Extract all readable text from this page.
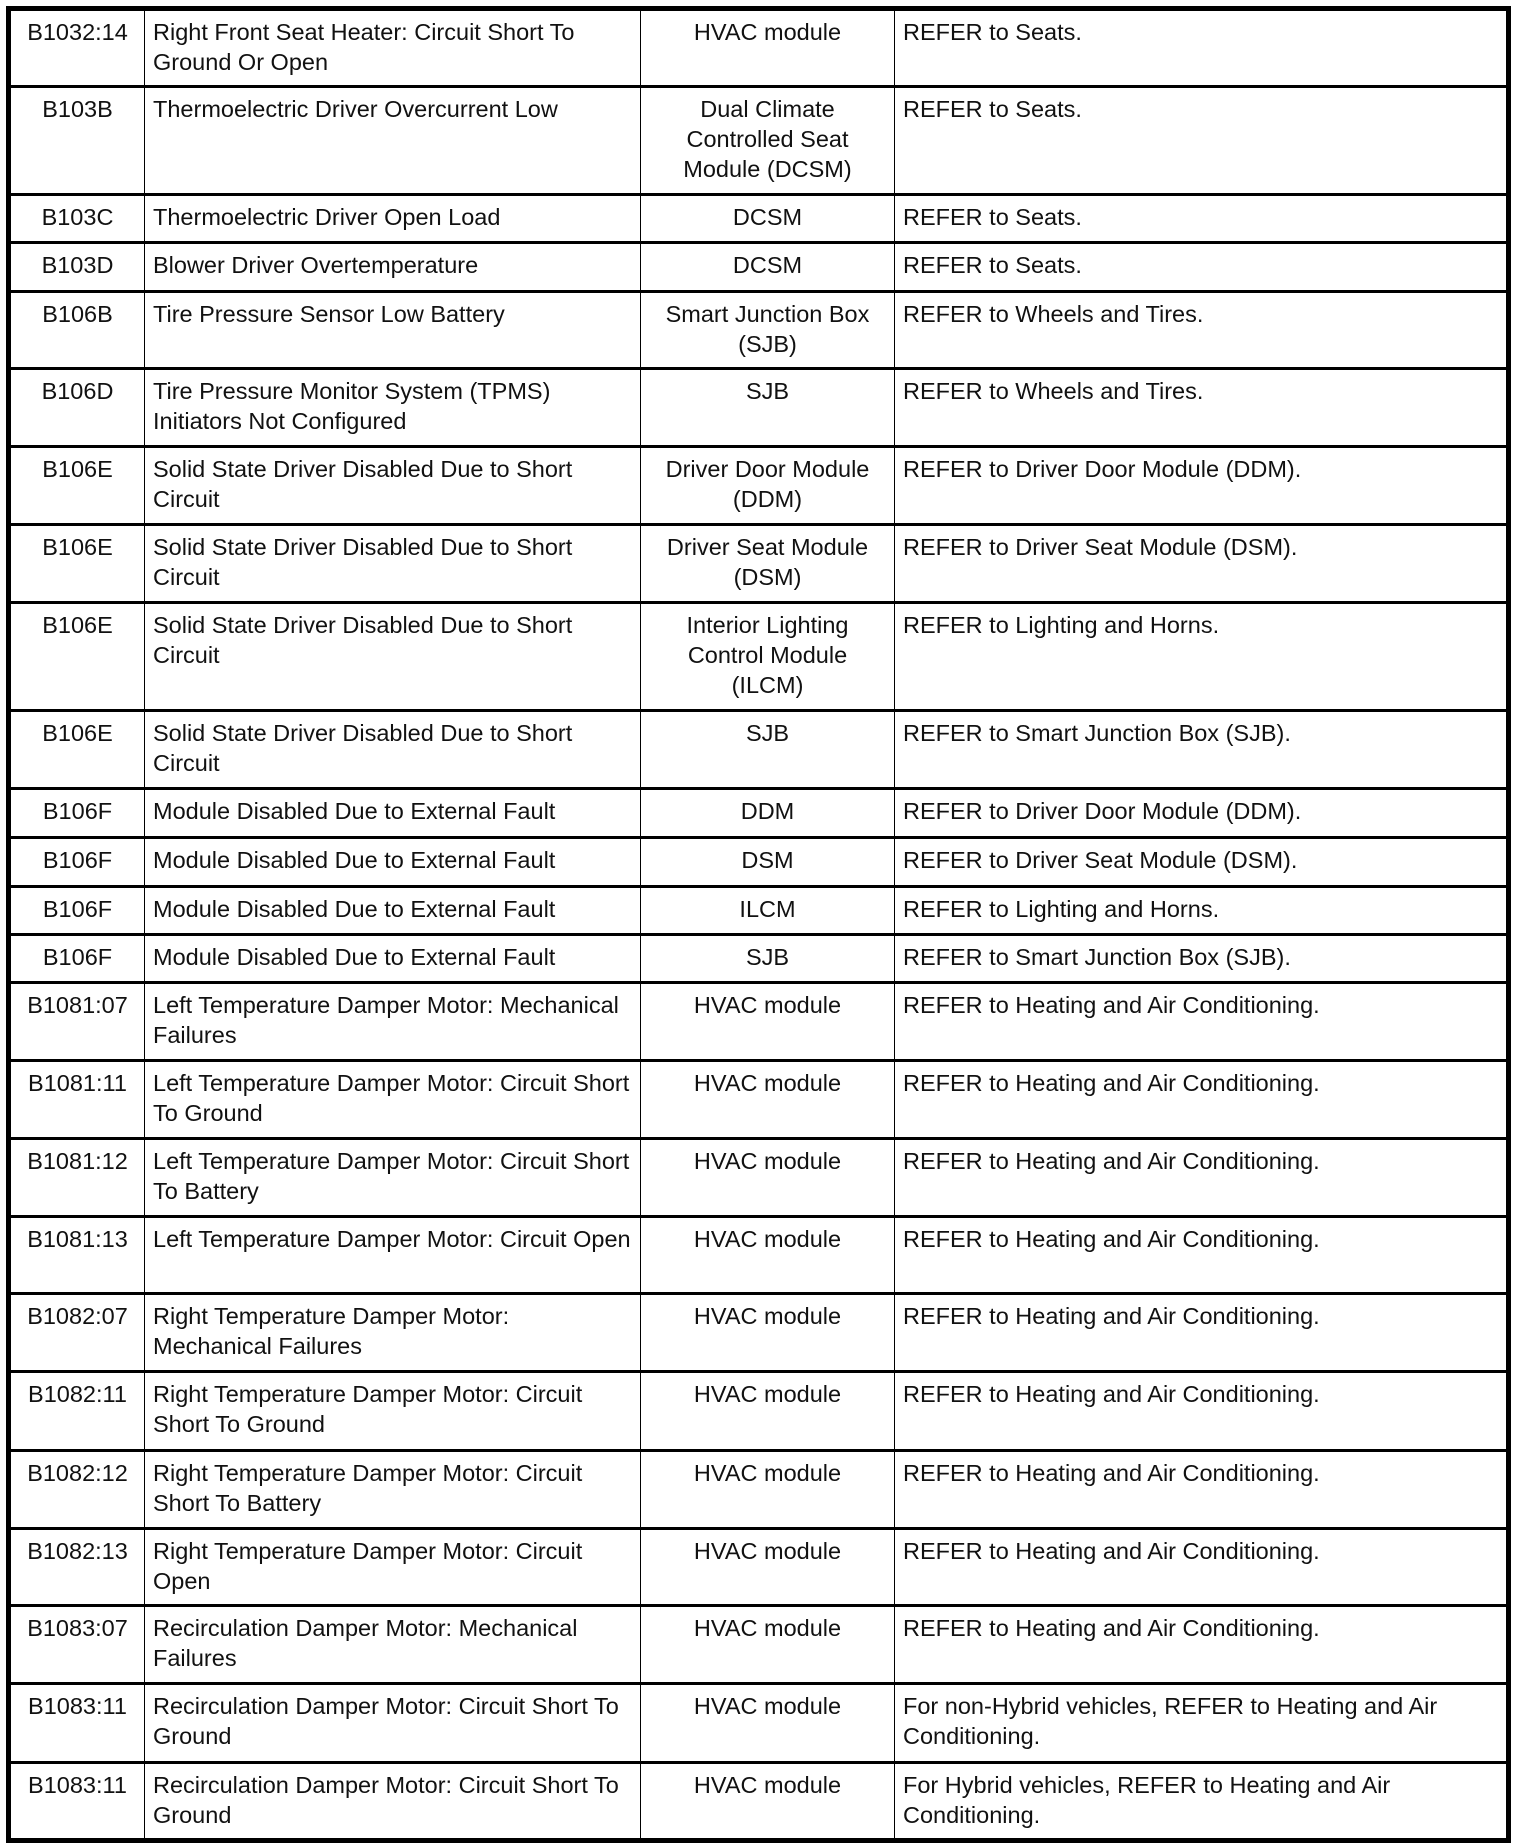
B1032:14	Right Front Seat Heater: Circuit Short To Ground Or Open	HVAC module	REFER to Seats.
B103B	Thermoelectric Driver Overcurrent Low	Dual Climate Controlled Seat Module (DCSM)	REFER to Seats.
B103C	Thermoelectric Driver Open Load	DCSM	REFER to Seats.
B103D	Blower Driver Overtemperature	DCSM	REFER to Seats.
B106B	Tire Pressure Sensor Low Battery	Smart Junction Box (SJB)	REFER to Wheels and Tires.
B106D	Tire Pressure Monitor System (TPMS) Initiators Not Configured	SJB	REFER to Wheels and Tires.
B106E	Solid State Driver Disabled Due to Short Circuit	Driver Door Module (DDM)	REFER to Driver Door Module (DDM).
B106E	Solid State Driver Disabled Due to Short Circuit	Driver Seat Module (DSM)	REFER to Driver Seat Module (DSM).
B106E	Solid State Driver Disabled Due to Short Circuit	Interior Lighting Control Module (ILCM)	REFER to Lighting and Horns.
B106E	Solid State Driver Disabled Due to Short Circuit	SJB	REFER to Smart Junction Box (SJB).
B106F	Module Disabled Due to External Fault	DDM	REFER to Driver Door Module (DDM).
B106F	Module Disabled Due to External Fault	DSM	REFER to Driver Seat Module (DSM).
B106F	Module Disabled Due to External Fault	ILCM	REFER to Lighting and Horns.
B106F	Module Disabled Due to External Fault	SJB	REFER to Smart Junction Box (SJB).
B1081:07	Left Temperature Damper Motor: Mechanical Failures	HVAC module	REFER to Heating and Air Conditioning.
B1081:11	Left Temperature Damper Motor: Circuit Short To Ground	HVAC module	REFER to Heating and Air Conditioning.
B1081:12	Left Temperature Damper Motor: Circuit Short To Battery	HVAC module	REFER to Heating and Air Conditioning.
B1081:13	Left Temperature Damper Motor: Circuit Open	HVAC module	REFER to Heating and Air Conditioning.
B1082:07	Right Temperature Damper Motor: Mechanical Failures	HVAC module	REFER to Heating and Air Conditioning.
B1082:11	Right Temperature Damper Motor: Circuit Short To Ground	HVAC module	REFER to Heating and Air Conditioning.
B1082:12	Right Temperature Damper Motor: Circuit Short To Battery	HVAC module	REFER to Heating and Air Conditioning.
B1082:13	Right Temperature Damper Motor: Circuit Open	HVAC module	REFER to Heating and Air Conditioning.
B1083:07	Recirculation Damper Motor: Mechanical Failures	HVAC module	REFER to Heating and Air Conditioning.
B1083:11	Recirculation Damper Motor: Circuit Short To Ground	HVAC module	For non-Hybrid vehicles, REFER to Heating and Air Conditioning.
B1083:11	Recirculation Damper Motor: Circuit Short To Ground	HVAC module	For Hybrid vehicles, REFER to Heating and Air Conditioning.
